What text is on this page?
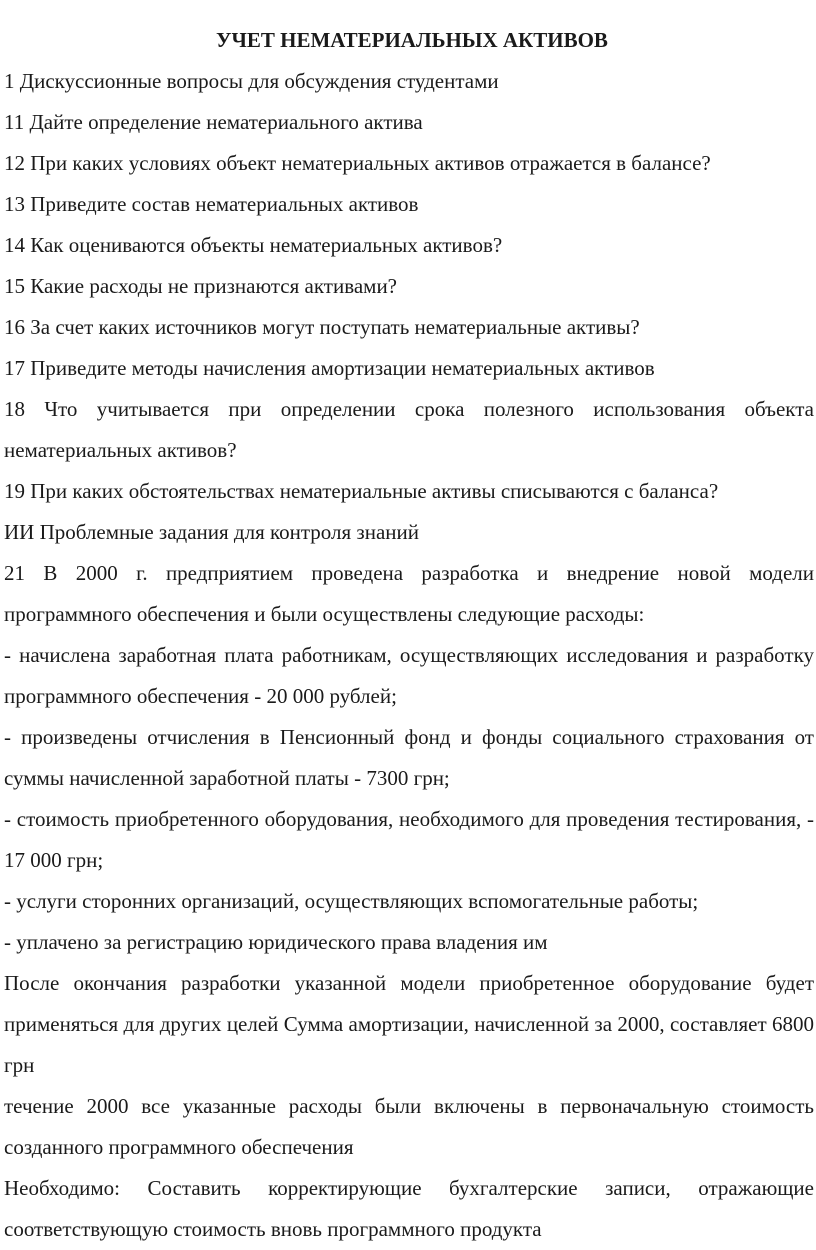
УЧЕТ НЕМАТЕРИАЛЬНЫХ АКТИВОВ

1 Дискуссионные вопросы для обсуждения студентами

11 Дайте определение нематериального актива

12 При каких условиях объект нематериальных активов отражается в балансе?

13 Приведите состав нематериальных активов

14 Как оцениваются объекты нематериальных активов?

15 Какие расходы не признаются активами?

16 За счет каких источников могут поступать нематериальные активы?

17 Приведите методы начисления амортизации нематериальных активов

18 Что учитывается при определении срока полезного использования объекта нематериальных активов?

19 При каких обстоятельствах нематериальные активы списываются с баланса?

ИИ Проблемные задания для контроля знаний

21 В 2000 г. предприятием проведена разработка и внедрение новой модели программного обеспечения и были осуществлены следующие расходы:

- начислена заработная плата работникам, осуществляющих исследования и разработку программного обеспечения - 20 000 рублей;

- произведены отчисления в Пенсионный фонд и фонды социального страхования от суммы начисленной заработной платы - 7300 грн;

- стоимость приобретенного оборудования, необходимого для проведения тестирования, - 17 000 грн;

- услуги сторонних организаций, осуществляющих вспомогательные работы;

- уплачено за регистрацию юридического права владения им

После окончания разработки указанной модели приобретенное оборудование будет применяться для других целей Сумма амортизации, начисленной за 2000, составляет 6800 грн

течение 2000 все указанные расходы были включены в первоначальную стоимость созданного программного обеспечения

Необходимо: Составить корректирующие бухгалтерские записи, отражающие соответствующую стоимость вновь программного продукта
